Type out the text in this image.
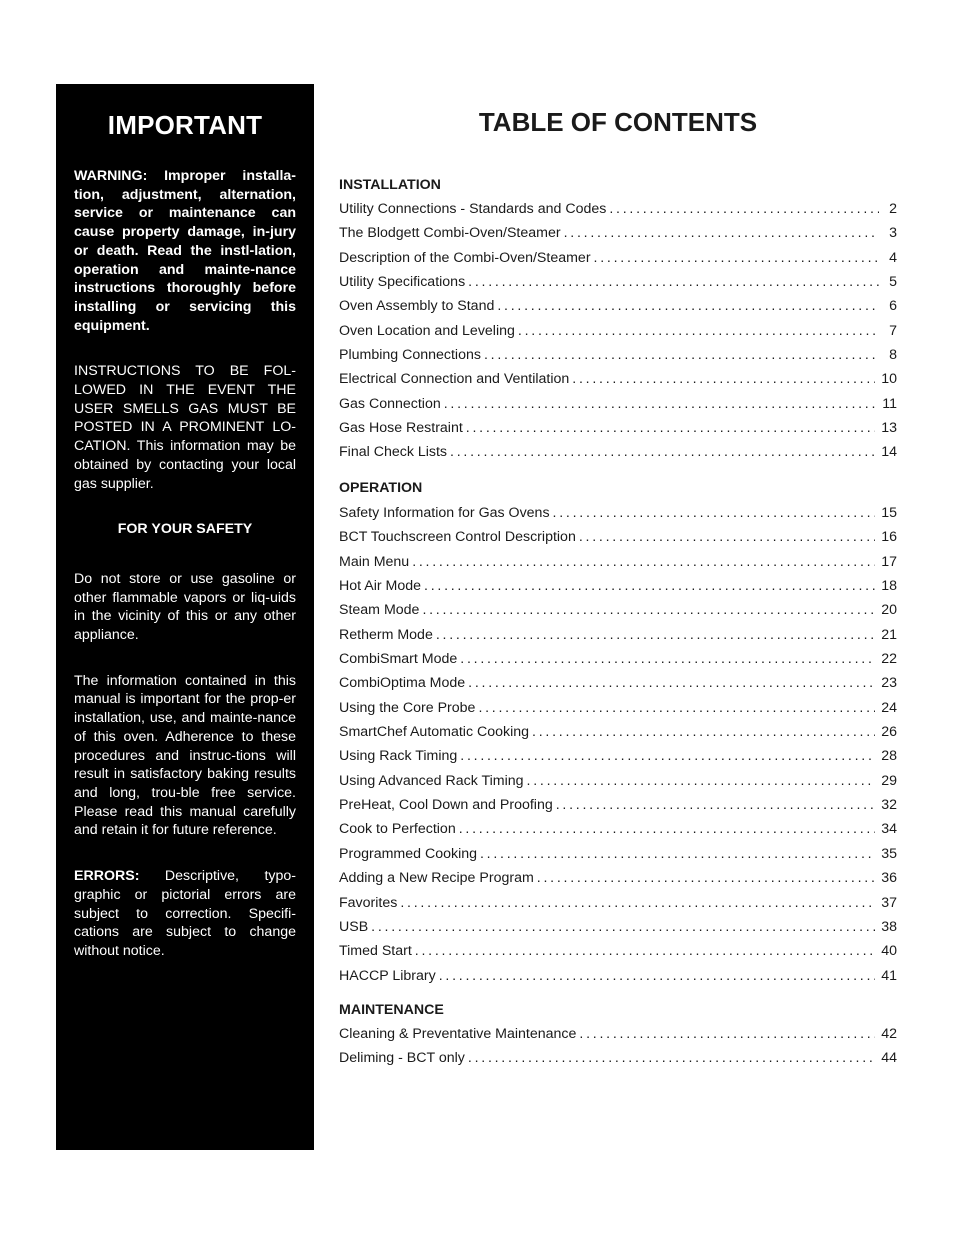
IMPORTANT

WARNING: Improper installa-tion, adjustment, alternation, service or maintenance can cause property damage, in-jury or death. Read the instl-lation, operation and mainte-nance instructions thoroughly before installing or servicing this equipment.

INSTRUCTIONS TO BE FOL-LOWED IN THE EVENT THE USER SMELLS GAS MUST BE POSTED IN A PROMINENT LO-CATION. This information may be obtained by contacting your local gas supplier.

FOR YOUR SAFETY

Do not store or use gasoline or other flammable vapors or liq-uids in the vicinity of this or any other appliance.

The information contained in this manual is important for the prop-er installation, use, and mainte-nance of this oven. Adherence to these procedures and instruc-tions will result in satisfactory baking results and long, trou-ble free service. Please read this manual carefully and retain it for future reference.

ERRORS: Descriptive, typo-graphic or pictorial errors are subject to correction. Specifi-cations are subject to change without notice.

TABLE OF CONTENTS
INSTALLATION
Utility Connections - Standards and Codes . . .	2
The Blodgett Combi-Oven/Steamer . . .	3
Description of the Combi-Oven/Steamer . . .	4
Utility Specifications . . .	5
Oven Assembly to Stand . . .	6
Oven Location and Leveling . . .	7
Plumbing Connections . . .	8
Electrical Connection and Ventilation . . .	10
Gas Connection . . .	11
Gas Hose Restraint . . .	13
Final Check Lists . . .	14
OPERATION
Safety Information for Gas Ovens . . .	15
BCT Touchscreen Control Description . . .	16
Main Menu . . .	17
Hot Air Mode . . .	18
Steam Mode . . .	20
Retherm Mode . . .	21
CombiSmart Mode . . .	22
CombiOptima Mode . . .	23
Using the Core Probe . . .	24
SmartChef Automatic Cooking . . .	26
Using Rack Timing . . .	28
Using Advanced Rack Timing . . .	29
PreHeat, Cool Down and Proofing . . .	32
Cook to Perfection . . .	34
Programmed Cooking . . .	35
Adding a New Recipe Program . . .	36
Favorites . . .	37
USB . . .	38
Timed Start . . .	40
HACCP Library . . .	41
MAINTENANCE
Cleaning & Preventative Maintenance . . .	42
Deliming - BCT only . . .	44
